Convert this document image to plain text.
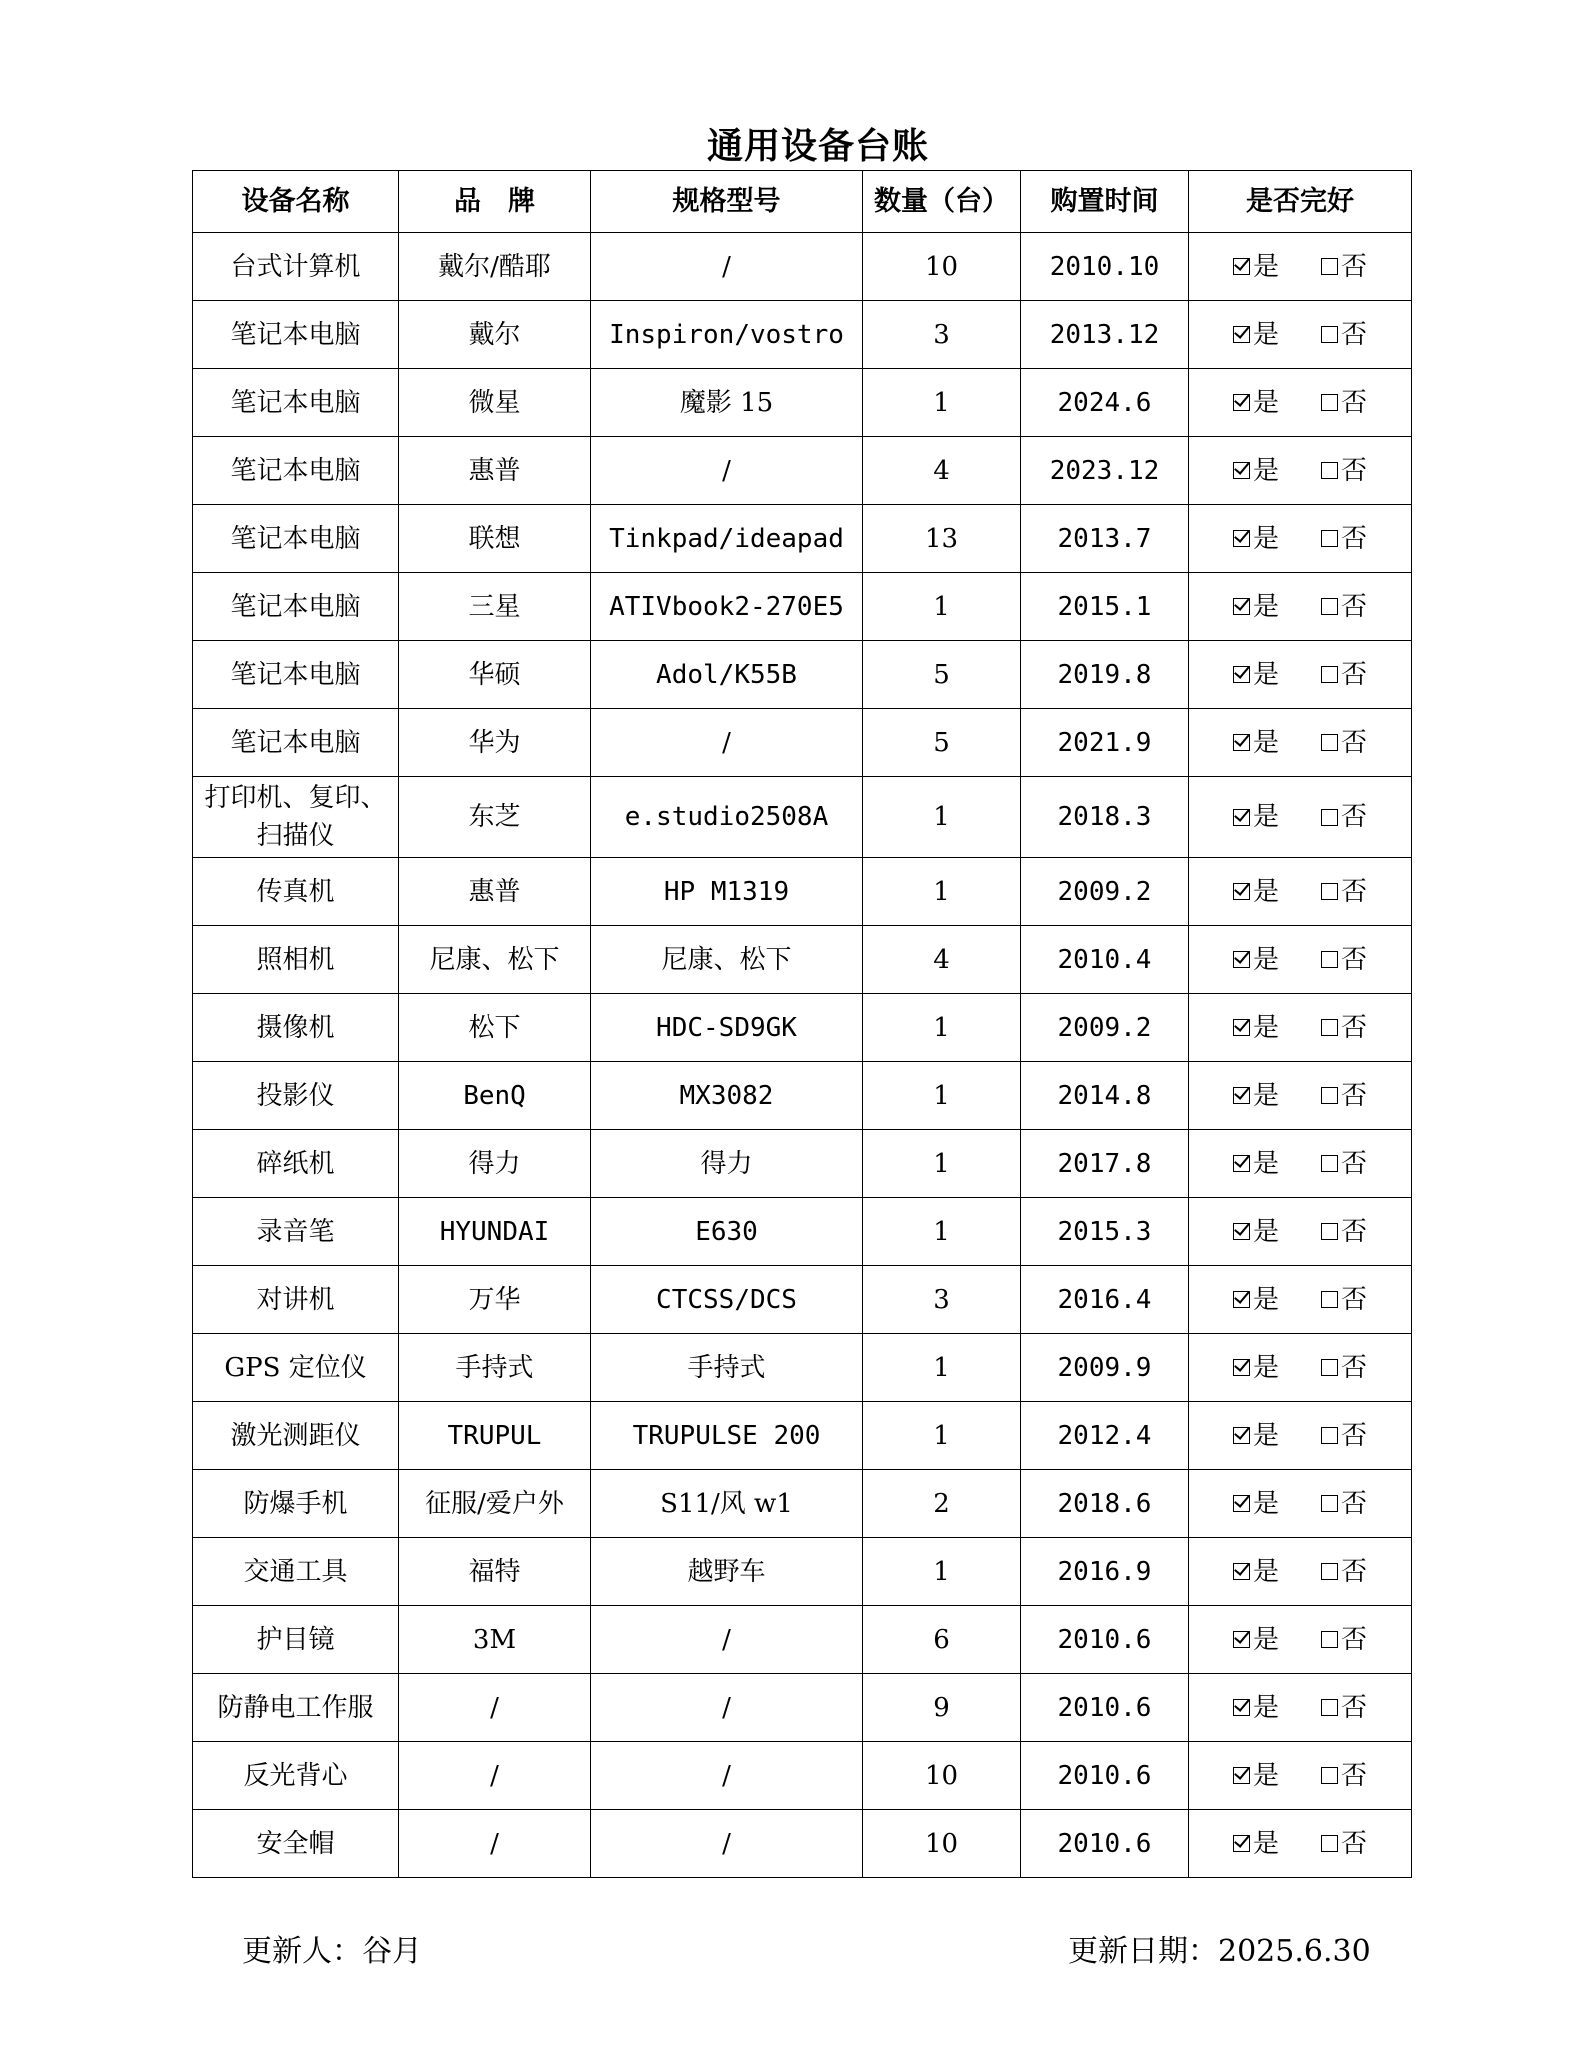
通用设备台账
设备名称	品　牌	规格型号	数量（台）	购置时间	是否完好
台式计算机	戴尔/酷耶	/	10	2010.10	是 否

笔记本电脑	戴尔	Inspiron/vostro	3	2013.12	是 否

笔记本电脑	微星	魔影 15	1	2024.6	是 否

笔记本电脑	惠普	/	4	2023.12	是 否

笔记本电脑	联想	Tinkpad/ideapad	13	2013.7	是 否

笔记本电脑	三星	ATIVbook2-270E5	1	2015.1	是 否

笔记本电脑	华硕	Adol/K55B	5	2019.8	是 否

笔记本电脑	华为	/	5	2021.9	是 否

打印机、复印、扫描仪	东芝	e.studio2508A	1	2018.3	是 否

传真机	惠普	HP M1319	1	2009.2	是 否

照相机	尼康、松下	尼康、松下	4	2010.4	是 否

摄像机	松下	HDC-SD9GK	1	2009.2	是 否

投影仪	BenQ	MX3082	1	2014.8	是 否

碎纸机	得力	得力	1	2017.8	是 否

录音笔	HYUNDAI	E630	1	2015.3	是 否

对讲机	万华	CTCSS/DCS	3	2016.4	是 否

GPS 定位仪	手持式	手持式	1	2009.9	是 否

激光测距仪	TRUPUL	TRUPULSE 200	1	2012.4	是 否

防爆手机	征服/爱户外	S11/风 w1	2	2018.6	是 否

交通工具	福特	越野车	1	2016.9	是 否

护目镜	3M	/	6	2010.6	是 否

防静电工作服	/	/	9	2010.6	是 否

反光背心	/	/	10	2010.6	是 否

安全帽	/	/	10	2010.6	是 否
更新人：谷月	更新日期：2025.6.30
